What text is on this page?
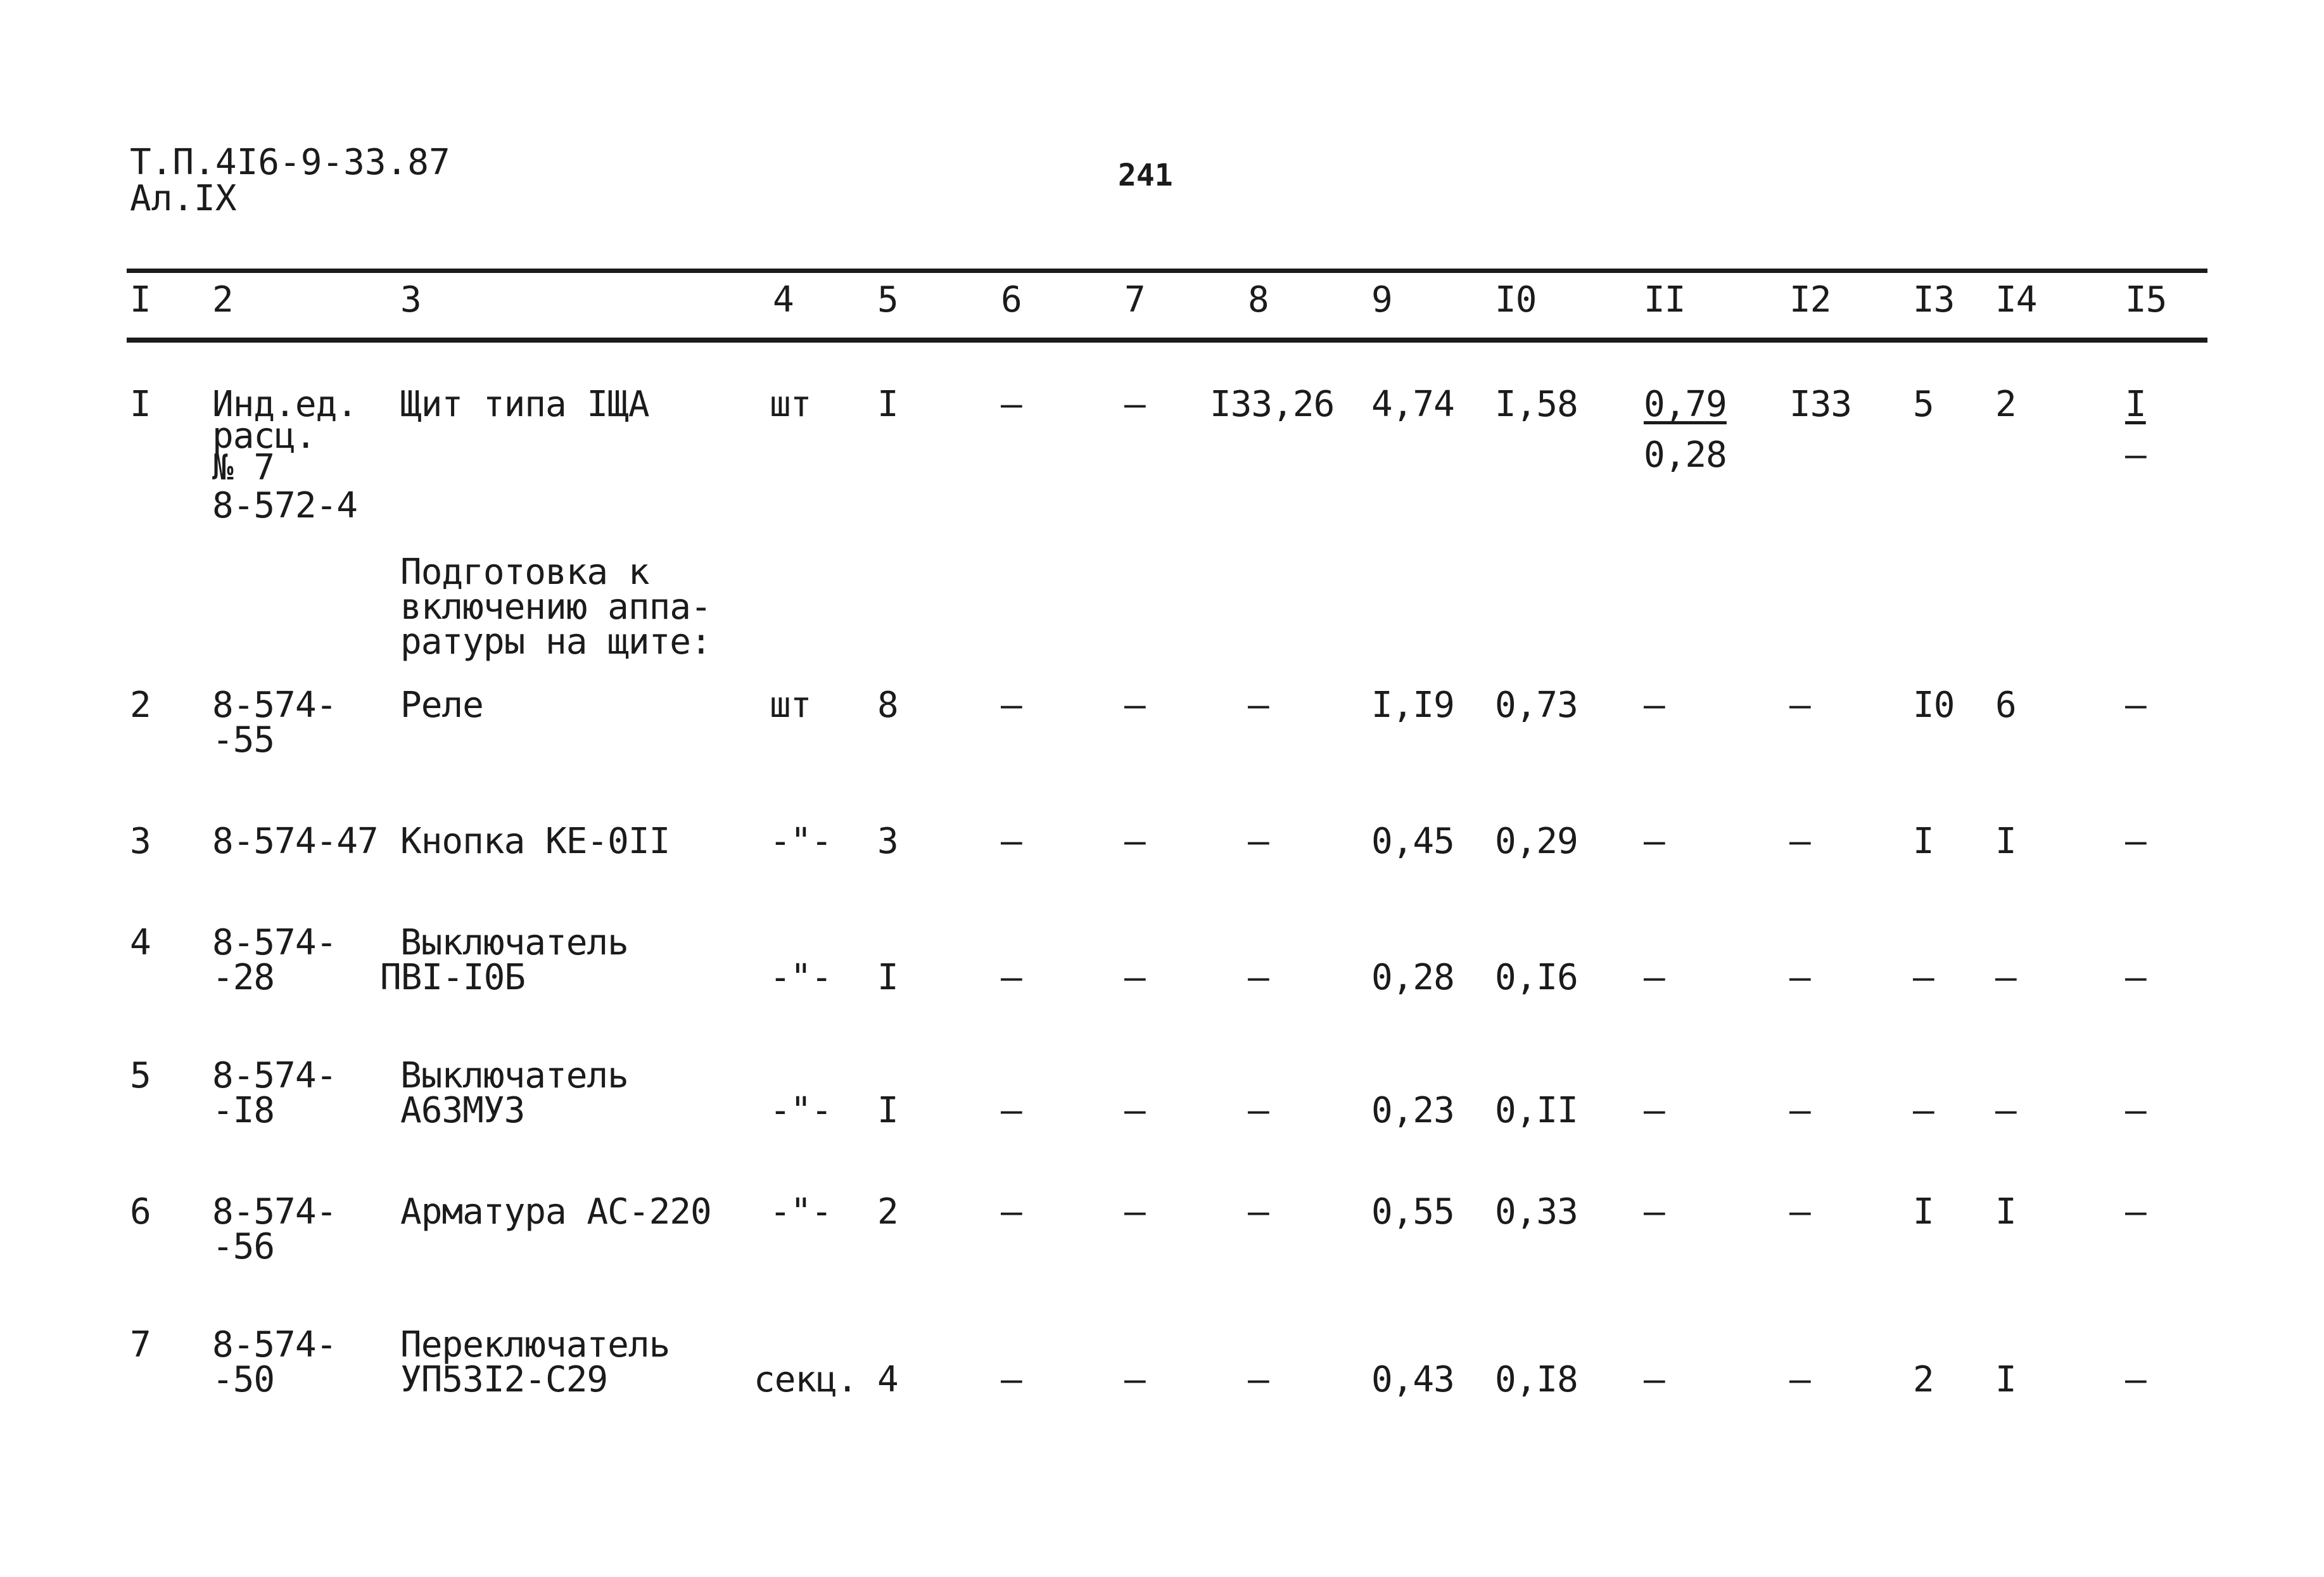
Т.П.4I6-9-33.87
Ал.IX
241
I 2	3	4 5	6	7	8	9	I0	II	I2 I3 I4 I5
I Инд.ед.
расц.
№ 7
8-572-4
Щит типа IЩА	шт I	–	– I33,26 4,74 I,58 0,79
0,28
I33 5 2	I
–
Подготовка к
включению аппа-
ратуры на щите:
2 8-574-
-55
Реле	шт 8	–	–	–	I,I9 0,73 –	–	I0 6	–
3 8-574-47 Кнопка КЕ-0II	-"- 3	–	–	–	0,45 0,29 –	–	I I	–
4 8-574-
-28
Выключатель
ПВI-I0Б	-"- I	–	–	–	0,28 0,I6 –	–	– –	–
5 8-574-
-I8
Выключатель
А63МУЗ	-"- I	–	–	–	0,23 0,II –	–	– –	–
6 8-574-
-56
Арматура АС-220 -"- 2	–	–	–	0,55 0,33 –	–	I I	–
7 8-574-
-50
Переключатель
УП53I2-С29	секц. 4	–	–	–	0,43 0,I8 –	–	2 I	–
